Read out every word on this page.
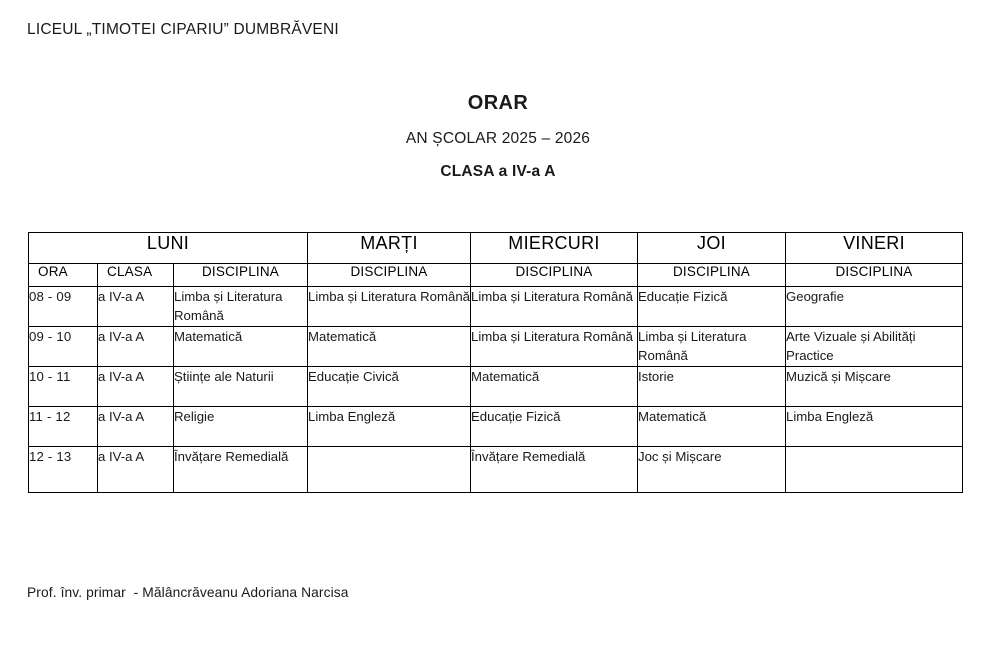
LICEUL „TIMOTEI CIPARIU” DUMBRĂVENI
ORAR
AN ȘCOLAR 2025 – 2026
CLASA a IV-a A
LUNI			MARȚI	MIERCURI	JOI	VINERI
ORA	CLASA	DISCIPLINA	DISCIPLINA	DISCIPLINA	DISCIPLINA	DISCIPLINA
08 - 09	a IV-a A	Limba și Literatura Română	Limba și Literatura Română	Limba și Literatura Română	Educație Fizică	Geografie
09 - 10	a IV-a A	Matematică	Matematică	Limba și Literatura Română	Limba și Literatura Română	Arte Vizuale și Abilități Practice
10 - 11	a IV-a A	Științe ale Naturii	Educație Civică	Matematică	Istorie	Muzică și Mișcare
11 - 12	a IV-a A	Religie	Limba Engleză	Educație Fizică	Matematică	Limba Engleză
12 - 13	a IV-a A	Învățare Remedială		Învățare Remedială	Joc și Mișcare	
Prof. înv. primar  - Mălâncrăveanu Adoriana Narcisa
